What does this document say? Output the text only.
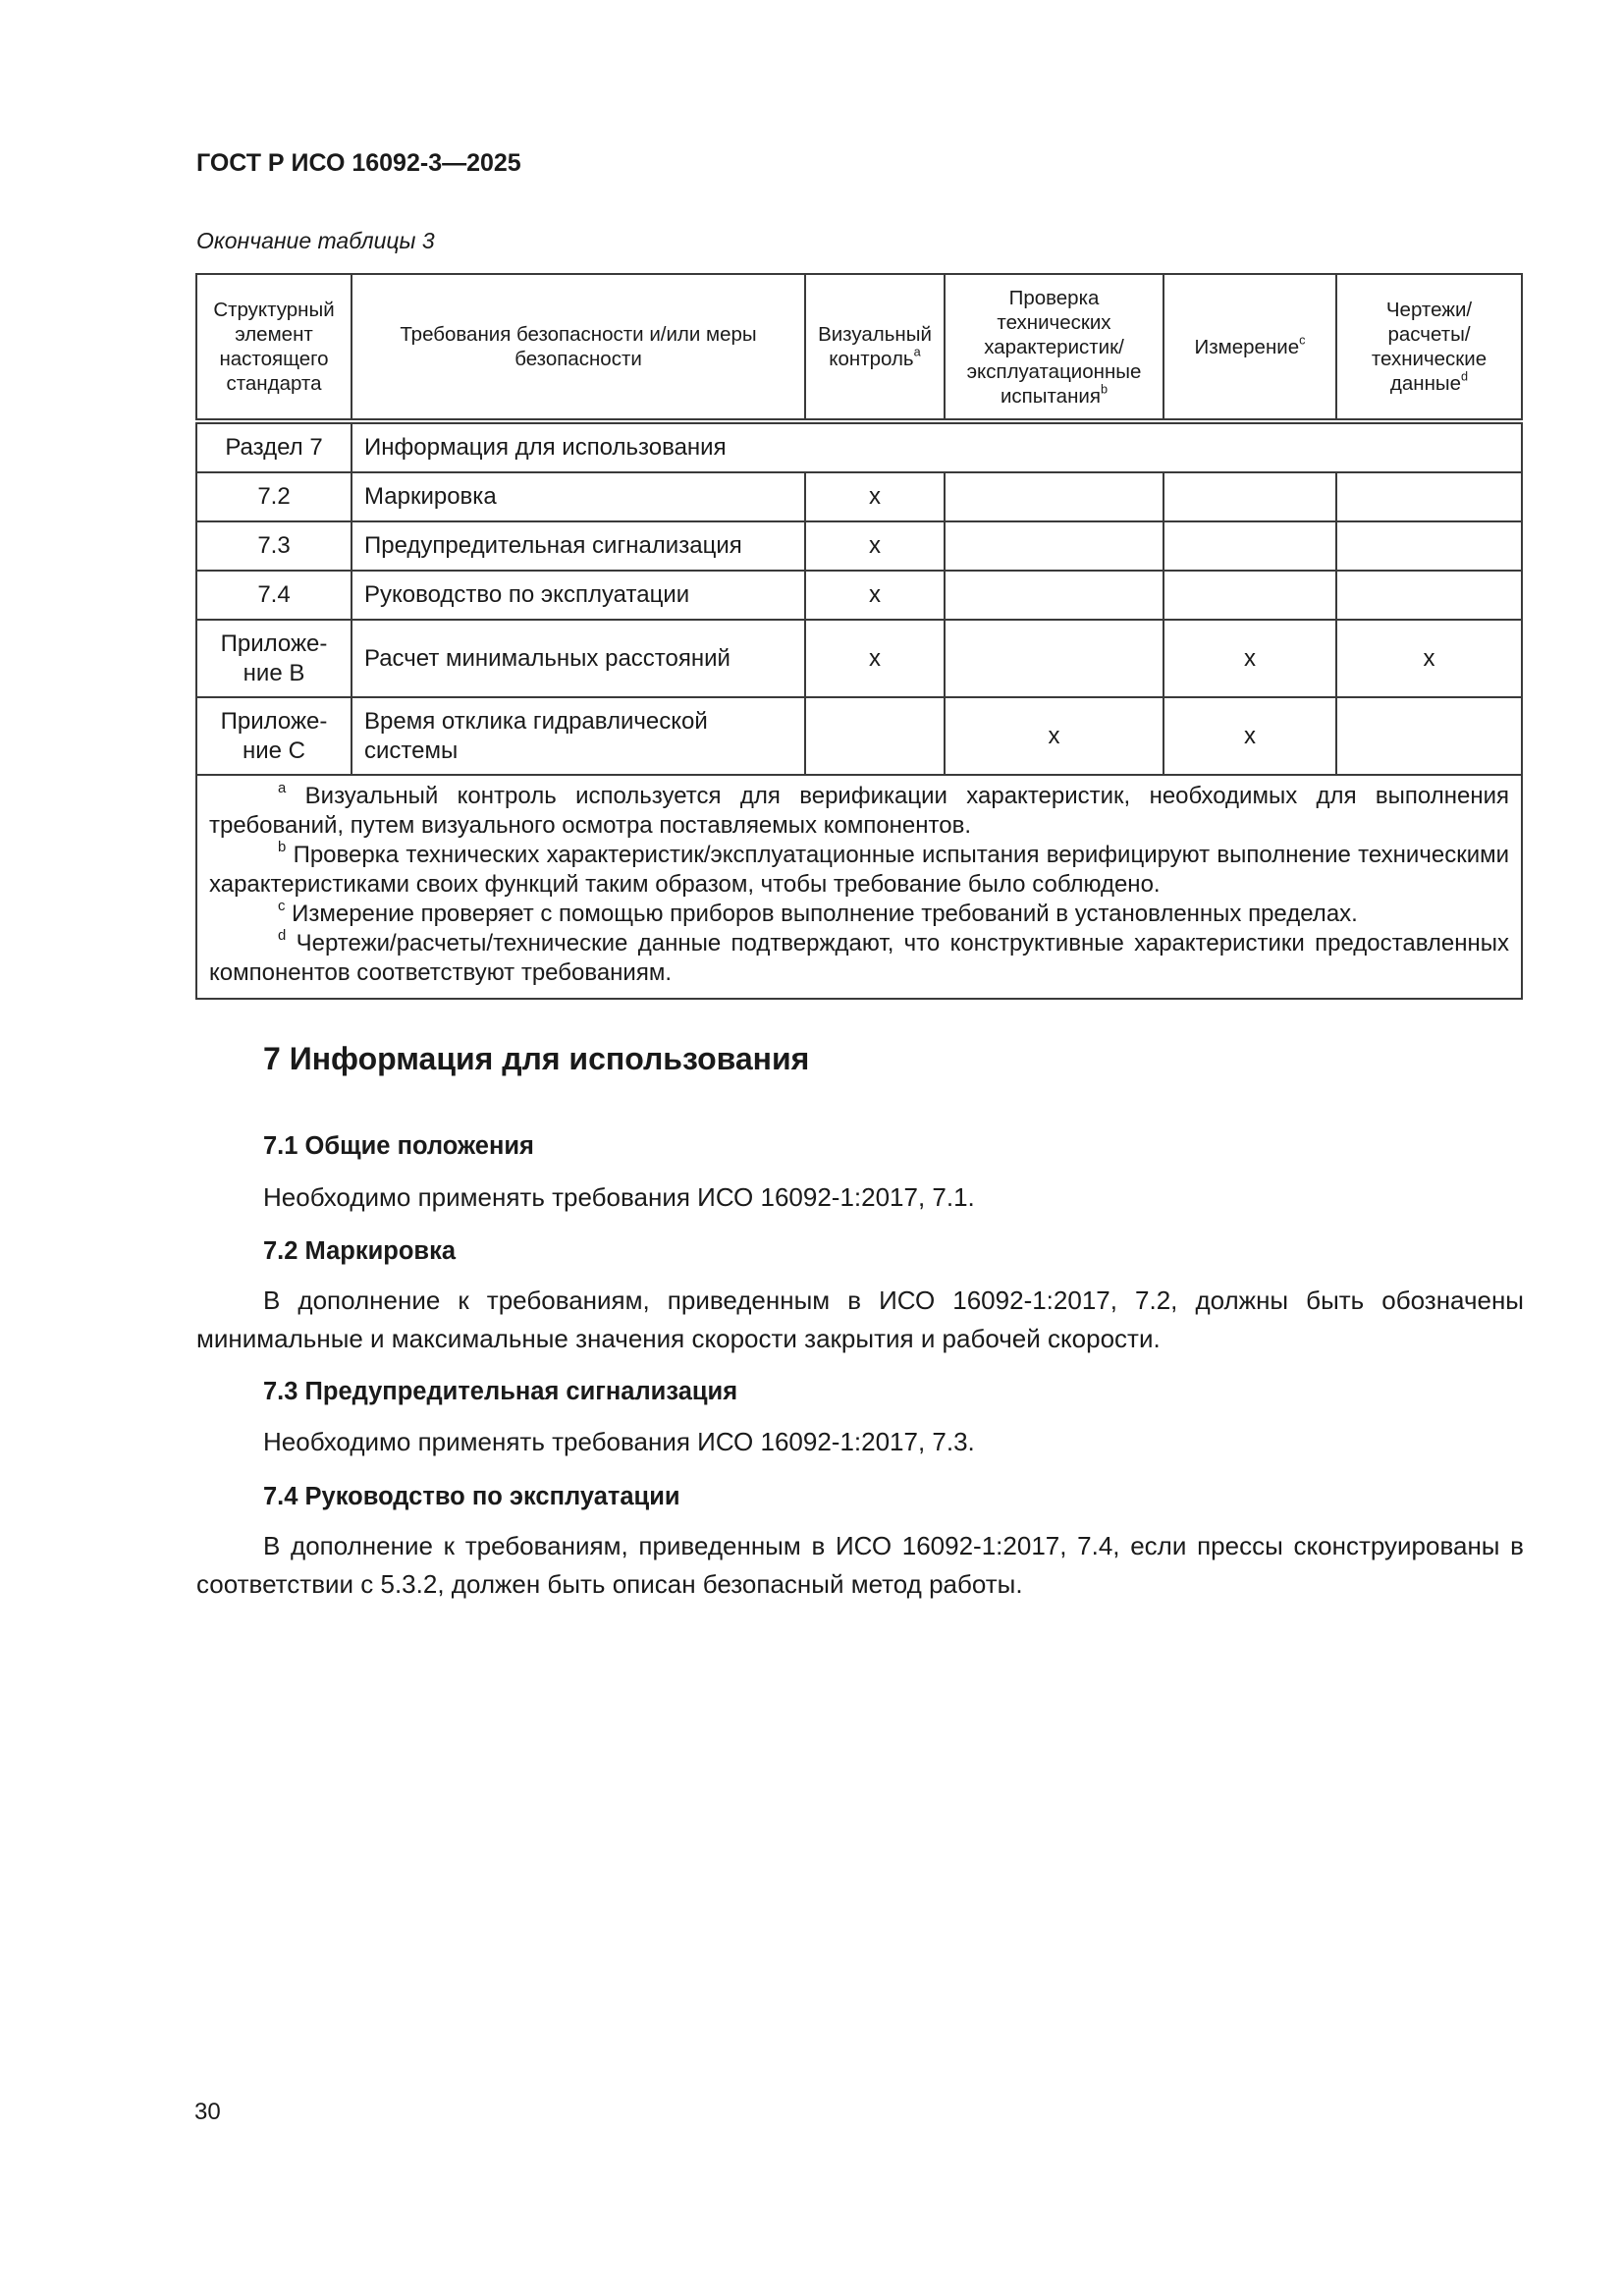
ГОСТ Р ИСО 16092-3—2025
Окончание таблицы 3
Структурный элемент настоящего стандарта	Требования безопасности и/или меры безопасности	Визуальный контроль$^a$	Проверка технических характеристик/ эксплуатационные испытания$^b$	Измерение$^c$	Чертежи/ расчеты/ технические данные$^d$
Раздел 7	Информация для использования				
7.2	Маркировка	x			
7.3	Предупредительная сигнализация	x			
7.4	Руководство по эксплуатации	x			
Приложе-ние B	Расчет минимальных расстояний	x		x	x
Приложе-ние C	Время отклика гидравлической системы		x	x	

$^a$ Визуальный контроль используется для верификации характеристик, необходимых для выполнения требований, путем визуального осмотра поставляемых компонентов.

$^b$ Проверка технических характеристик/эксплуатационные испытания верифицируют выполнение техническими характеристиками своих функций таким образом, чтобы требование было соблюдено.

$^c$ Измерение проверяет с помощью приборов выполнение требований в установленных пределах.

$^d$ Чертежи/расчеты/технические данные подтверждают, что конструктивные характеристики предоставленных компонентов соответствуют требованиям.					

7 Информация для использования
7.1 Общие положения

Необходимо применять требования ИСО 16092-1:2017, 7.1.

7.2 Маркировка

В дополнение к требованиям, приведенным в ИСО 16092-1:2017, 7.2, должны быть обозначены минимальные и максимальные значения скорости закрытия и рабочей скорости.

7.3 Предупредительная сигнализация

Необходимо применять требования ИСО 16092-1:2017, 7.3.

7.4 Руководство по эксплуатации

В дополнение к требованиям, приведенным в ИСО 16092-1:2017, 7.4, если прессы сконструированы в соответствии с 5.3.2, должен быть описан безопасный метод работы.

30
